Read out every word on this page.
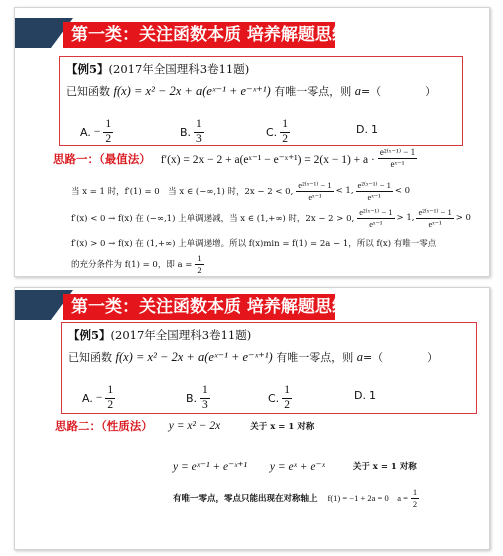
第一类：关注函数本质 培养解题思维
【例5】(2017年全国理科3卷11题)
已知函数 f(x) = x² − 2x + a(eˣ⁻¹ + e⁻ˣ⁺¹) 有唯一零点，则 a=（　　　　）
A. − $\frac{1}{2}$	B. $\frac{1}{3}$	C. $\frac{1}{2}$	D. 1
思路一：（最值法） f′(x) = 2x − 2 + a(eˣ⁻¹ − e⁻ˣ⁺¹) = $2(x - 1) + a \cdot \frac{\text{e²⁽ˣ⁻¹⁾ − 1}}{\text{eˣ⁻¹}}$
当 x = 1 时，f′(1) = 0　当 x ∈ (−∞,1) 时，2x − 2 < 0, $\frac{\text{e²⁽ˣ⁻¹⁾ − 1}}{\text{eˣ⁻¹}} < 1$, $\frac{\text{e²⁽ˣ⁻¹⁾ − 1}}{\text{eˣ⁻¹}} < 0$
f′(x) < 0 → f(x) 在 (−∞,1) 上单调递减，当 x ∈ (1,+∞) 时，2x − 2 > 0, $\frac{\text{e²⁽ˣ⁻¹⁾ − 1}}{\text{eˣ⁻¹}} > 1$, $\frac{\text{e²⁽ˣ⁻¹⁾ − 1}}{\text{eˣ⁻¹}} > 0$
f′(x) > 0 → f(x) 在 (1,+∞) 上单调递增。所以 f(x)min = f(1) = 2a − 1，所以 f(x) 有唯一零点
的充分条件为 f(1) = 0，即 $a = \frac{1}{2}$
第一类：关注函数本质 培养解题思维
【例5】(2017年全国理科3卷11题)
已知函数 f(x) = x² − 2x + a(eˣ⁻¹ + e⁻ˣ⁺¹) 有唯一零点，则 a=（　　　　）
A. − $\frac{1}{2}$	B. $\frac{1}{3}$	C. $\frac{1}{2}$	D. 1
思路二：（性质法） y = x² − 2x	关于 x = 1 对称
y = eˣ⁻¹ + e⁻ˣ⁺¹　　y = eˣ + e⁻ˣ	关于 x = 1 对称
有唯一零点，零点只能出现在对称轴上 f(1) = −1 + 2a = 0　$a = \frac{1}{2}$
